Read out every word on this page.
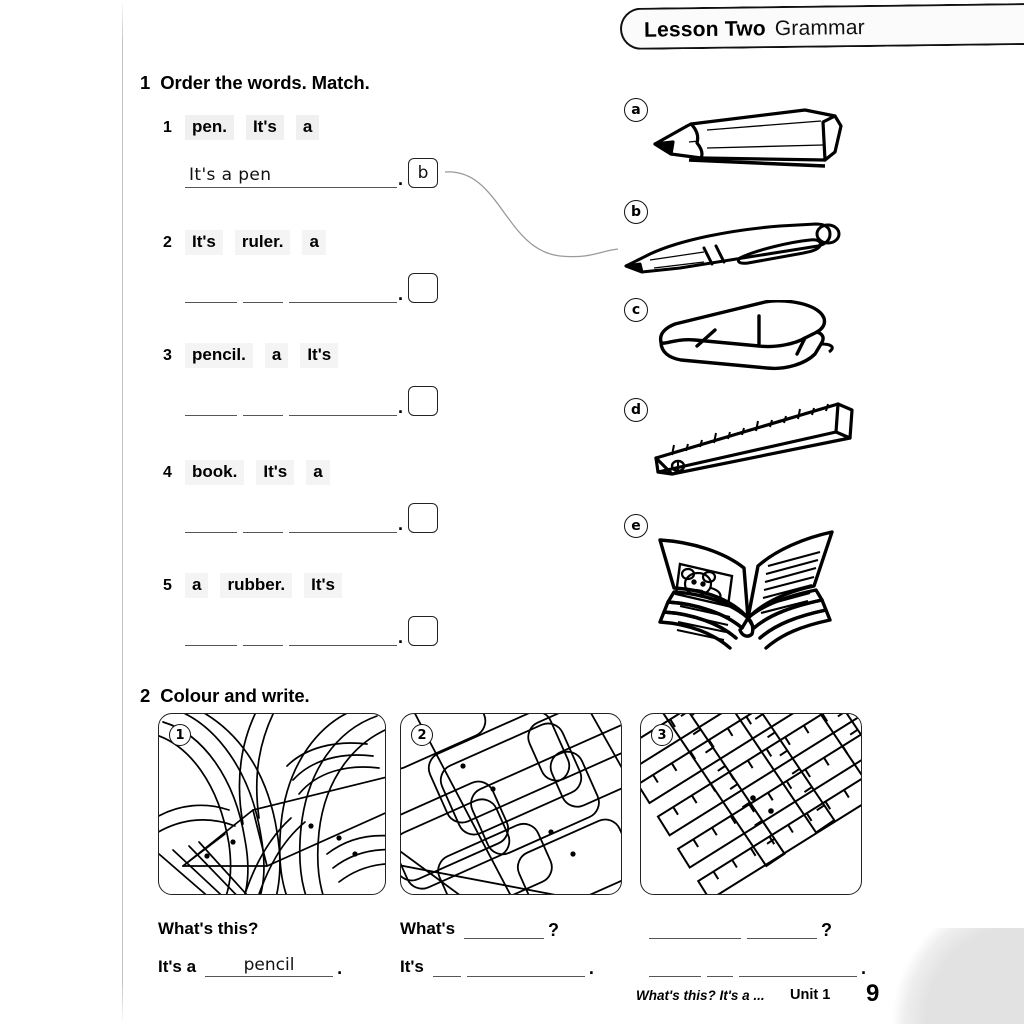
Lesson Two Grammar
1 Order the words. Match.
1	pen.	It's	a
It's a pen	. b
2	It's	ruler.	a
.
3	pencil.	a	It's
.
4	book.	It's	a
.
5	a	rubber.	It's
.
a
b
c
d
e
2 Colour and write.
1	2	3
What's this?
It's a	pencil	.
What's	?
It's	.
?
.
What's this? It's a ... Unit 1 9
